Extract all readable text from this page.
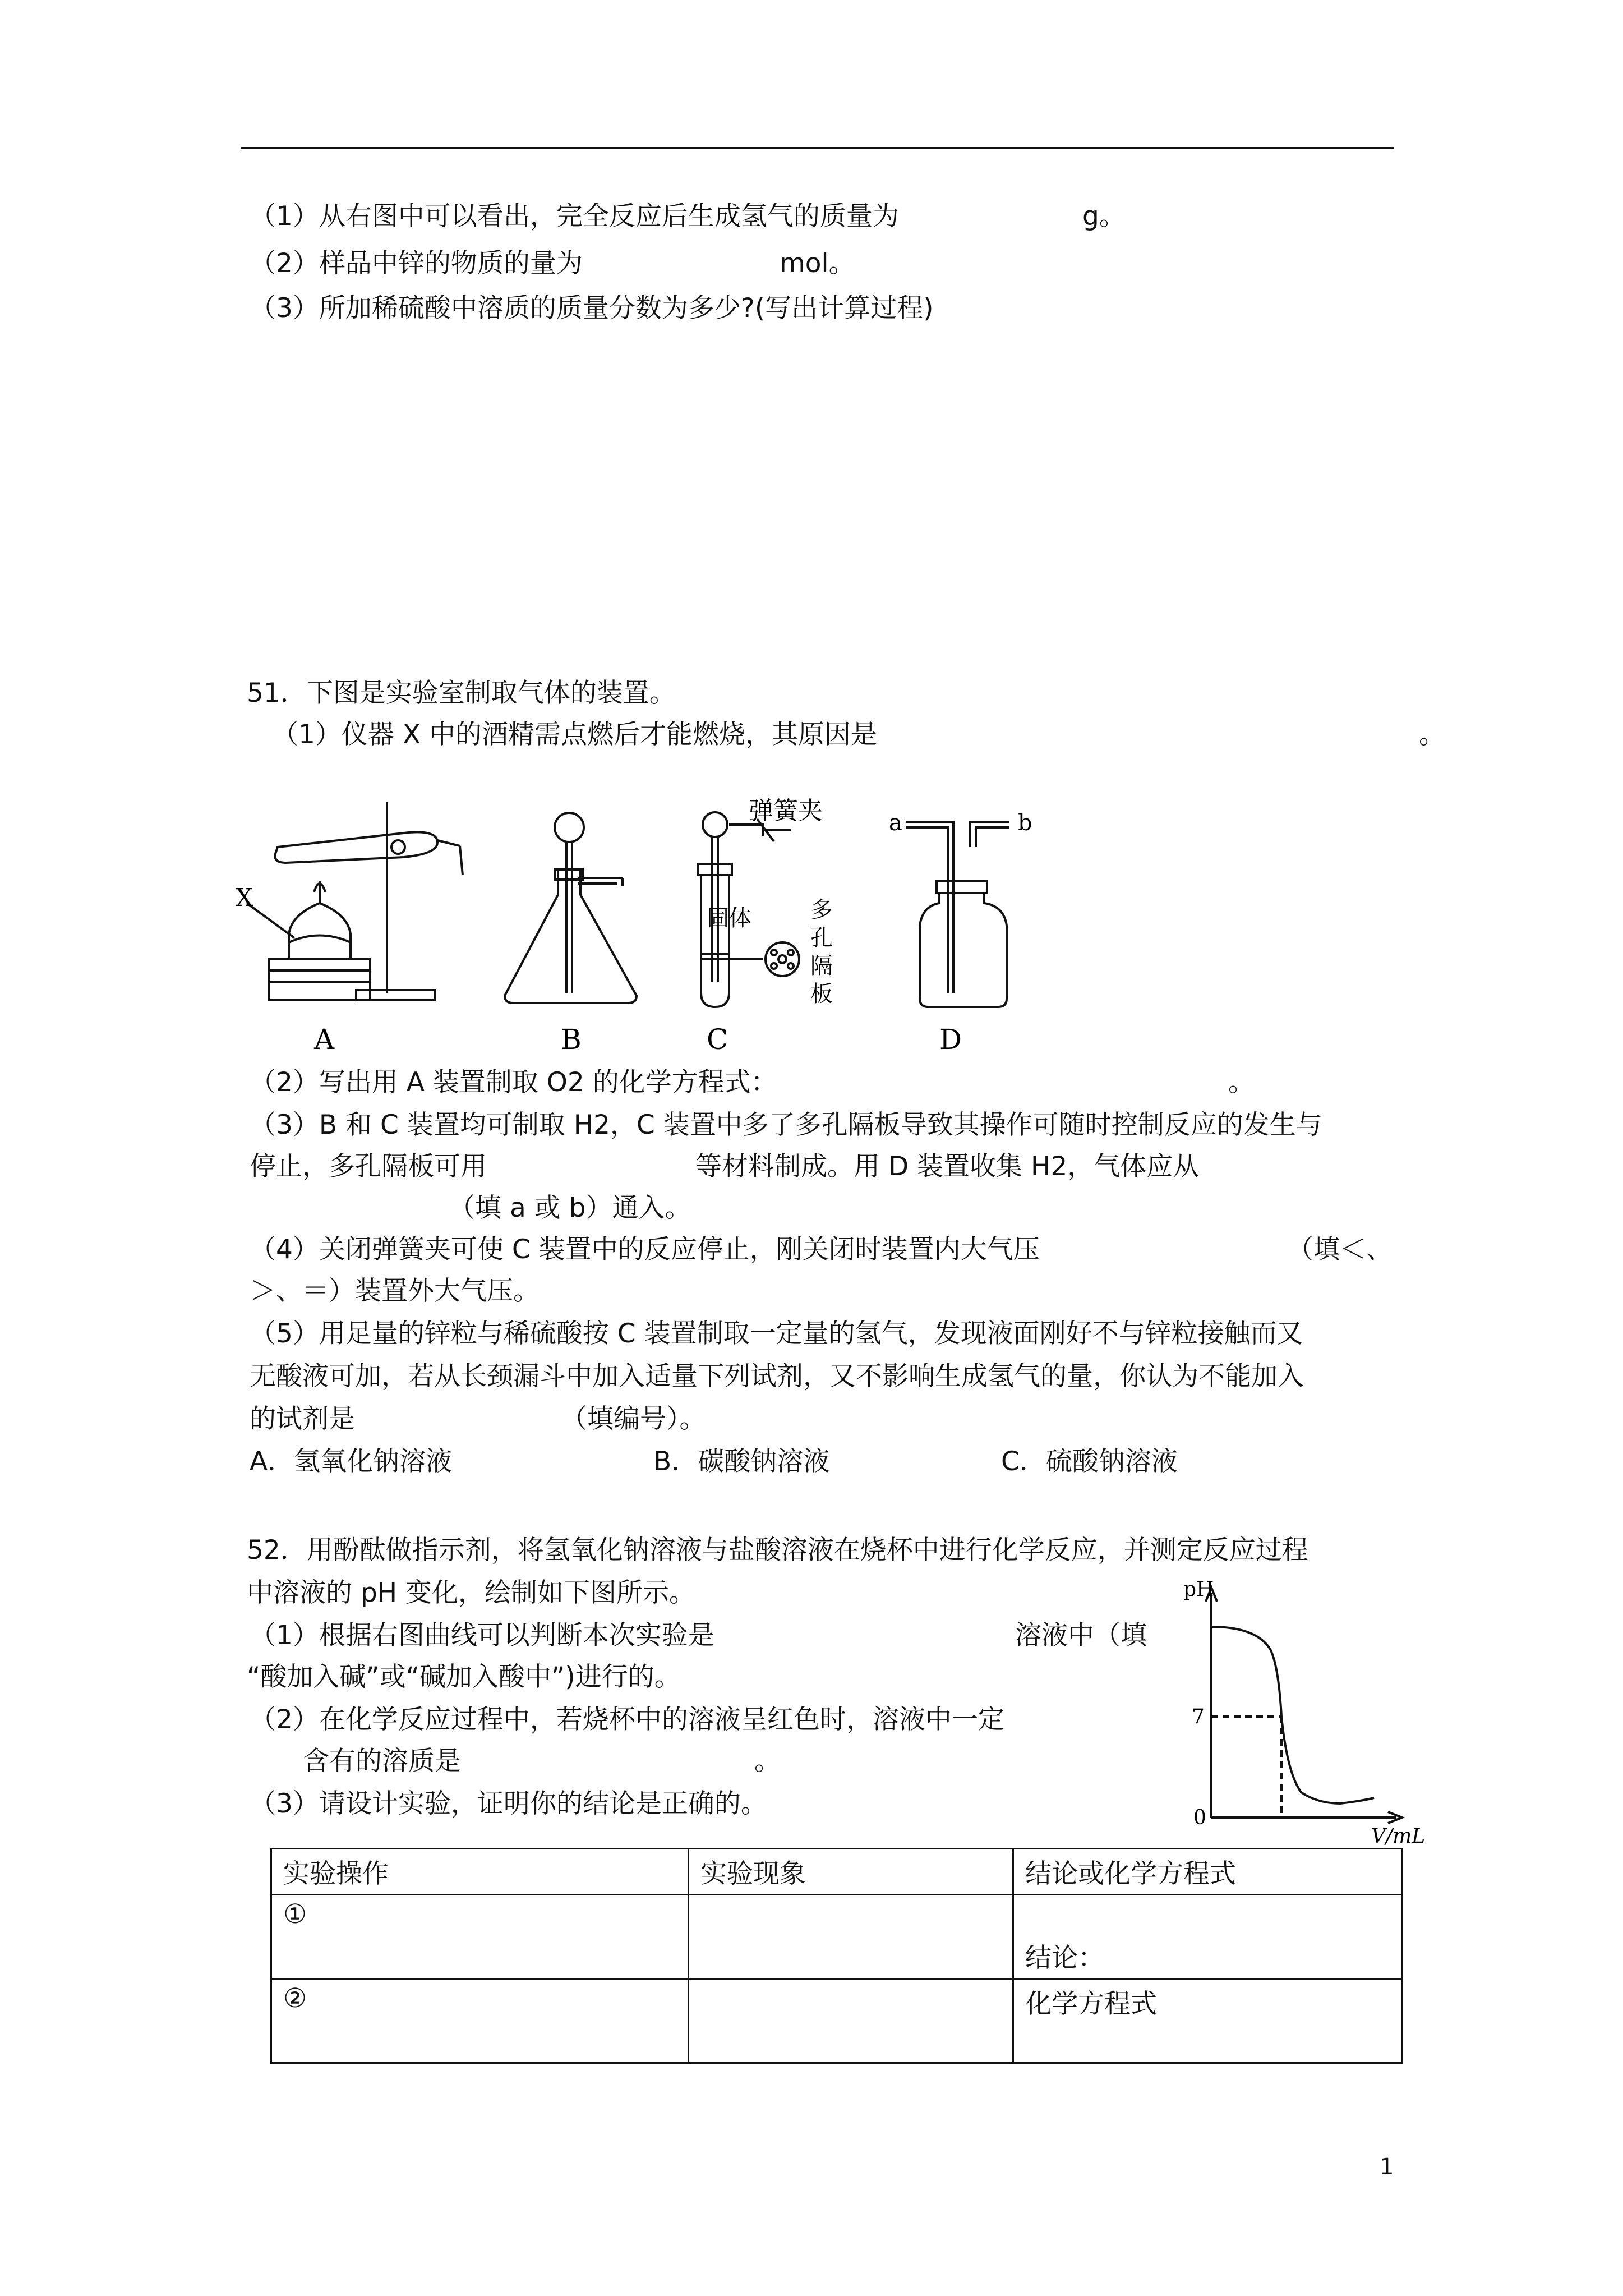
（1）从右图中可以看出，完全反应后生成氢气的质量为	g。
（2）样品中锌的物质的量为	mol。
（3）所加稀硫酸中溶质的质量分数为多少?(写出计算过程)
51．下图是实验室制取气体的装置。
（1）仪器 X 中的酒精需点燃后才能燃烧，其原因是	。
A	B	C	D
X
弹簧夹
固体	多
孔
隔
板
a	b
（2）写出用 A 装置制取 O2 的化学方程式：	。
（3）B 和 C 装置均可制取 H2，C 装置中多了多孔隔板导致其操作可随时控制反应的发生与
停止，多孔隔板可用	等材料制成。用 D 装置收集 H2，气体应从
（填 a 或 b）通入。
（4）关闭弹簧夹可使 C 装置中的反应停止，刚关闭时装置内大气压	（填＜、
＞、＝）装置外大气压。
（5）用足量的锌粒与稀硫酸按 C 装置制取一定量的氢气，发现液面刚好不与锌粒接触而又
无酸液可加，若从长颈漏斗中加入适量下列试剂，又不影响生成氢气的量，你认为不能加入
的试剂是	（填编号）。
A．氢氧化钠溶液	B．碳酸钠溶液	C．硫酸钠溶液
52．用酚酞做指示剂，将氢氧化钠溶液与盐酸溶液在烧杯中进行化学反应，并测定反应过程
中溶液的 pH 变化，绘制如下图所示。
（1）根据右图曲线可以判断本次实验是	溶液中（填
“酸加入碱”或“碱加入酸中”)进行的。
（2）在化学反应过程中，若烧杯中的溶液呈红色时，溶液中一定
含有的溶质是	。
（3）请设计实验，证明你的结论是正确的。
pH
7
0
V/mL
实验操作	实验现象	结论或化学方程式
①		结论：
②		化学方程式
1
